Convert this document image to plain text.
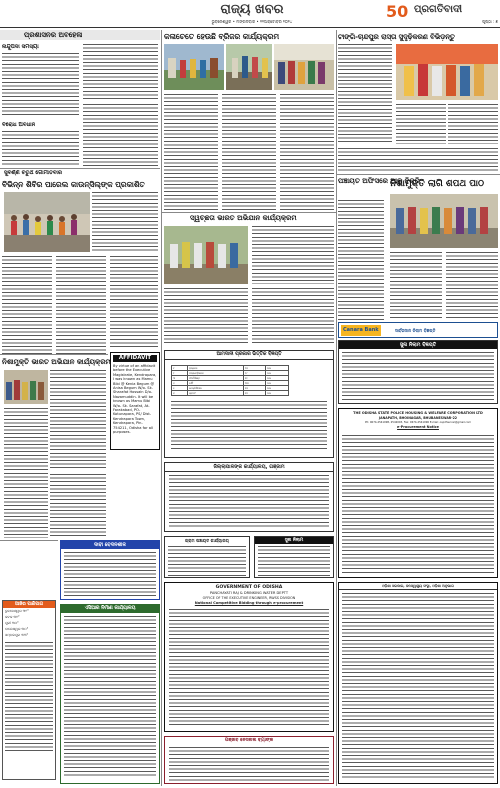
ରାଜ୍ୟ ଖବର
ଭୁବନେଶ୍ୱର • ମଙ୍ଗଳବାର • ୨୨ଅକ୍ଟୋବର ୨୦୨୪
50 ପ୍ରଗତିବାଦୀ
ପୃଷ୍ଠା : ୭
ପ୍ରଶାସନର ଅବହେଳା
ନାନ୍ଦୁପଦା ସମସ୍ୟା
ବିରୋଧ ଅବଧାନ
ସୁବର୍ଣ୍ଣ ଚତୁର୍ଥ ଗୋମୀତବାର
ବିଭିନ୍ନ ଶିବିର ପାରେଲ କାଉନ୍ସିଲ୍ଙ୍କ ପ୍ରକାଶିତ
ନିଶାମୁକ୍ତି ଭାରତ ଅଭିଯାନ କାର୍ଯ୍ୟକ୍ରମ	AFFIDAVIT
By virtue of an affidavit before the Executive Magistrate, Kendrapara, I was known as Mamu Bibi @ Kenia Begum @ Anisa Begum W/o- Sk. Sharafat Hossain D/o- Nazamuddin. It will be known as Mamu Bibi W/o- Sk. Sarafat, At-Farakabad, PO-Kotunapara, PS/ Dist- Kendrapara Town, Kendrapara, Pin- 754211, Odisha for all purposes.
ଆଜିର ପାଣିପାଗ
ଭୁବନେଶ୍ୱର ୩୨°
କଟକ ୩୧°
ପୁରୀ ୩୦°
ବାଲେଶ୍ୱର ୩୦°
ସମ୍ବଲପୁର ୩୩°
ଦାବୀ ବେଦନଶୀଳ
ଏସିଆର ନିର୍ମାଣ କାର୍ଯ୍ୟାଳୟ
କଳାଚେତେ ହେଉଛି ବ୍ରିଜର କାର୍ଯ୍ୟକ୍ରମ
ସ୍ୱଚ୍ଛତା ଭାରତ ଅଭିଯାନ କାର୍ଯ୍ୟକ୍ରମ
ଆମଦାନୀ ପ୍ରକାର ଭିତ୍ତିକ ବିଜ୍ଞପ୍ତି
୧	ଡ଼ାକ୍ତର	୨୦	ଦାଳ
୨	ପାରାମେଡ଼ିକାଲ	୨୯	ଦାଳ
୩	ଫାର୍ମାସିଷ୍ଟ	୧୧	ଦାଳ
୪	ନର୍ସିଂ	୩୦	ଦାଳ
୫	ଟେକ୍ନିସିଆନ	୧୦	ଦାଳ
୬	ଷ୍ଟାଫ	୧୭	ଦାଳ
ଜିଲ୍ଲାପାଳଙ୍କ କାର୍ଯ୍ୟାଳୟ, ଗଞ୍ଜାମ
ଗ୍ରାମ ପଞ୍ଚାୟତ କାର୍ଯ୍ୟାଳୟ	ସୁନା ନିଲାମ
GOVERNMENT OF ODISHA
PANCHAYATI RAJ & DRINKING WATER DEPTT
OFFICE OF THE EXECUTIVE ENGINEER, RWSS DIVISION
National Competitive Bidding through e-procurement
ପଞ୍ଜାବ ନେସନାଲ ବ୍ୟାଙ୍କ
ଟାଙ୍ଗି-ଚାନ୍ଦପୁର ରାସ୍ତା ସୁଦୃଢ଼ିକରଣ ବିଭିଡ଼ନ୍ତୁ
ପଞ୍ଚାୟତ ଅଫିସରେ ଆଳୁ ବିକ୍ରି
ନିଶାମୁକ୍ତି ଲାଗି ଶପଥ ପାଠ
Canara Bank	ସାର୍ବଜନୀନ ନିଲାମ ବିଜ୍ଞପ୍ତି
ସୁନା ନିଲାମ ବିଜ୍ଞପ୍ତି
THE ODISHA STATE POLICE HOUSING & WELFARE CORPORATION LTD
JANAPATH, BHOINAGAR, BHUBANESWAR-22
Ph: 0674-2541998, 2542003, Fax: 0674-2541996 E-mail: ospdhwccel@gmail.com
e-Procurement Notice
ଓଡ଼ିଶା ସରକାର, ଜନସ୍ୱାସ୍ଥ୍ୟ ସଂସ୍ଥା, ଓଡ଼ିଶା ଅନୁଭାଗ
